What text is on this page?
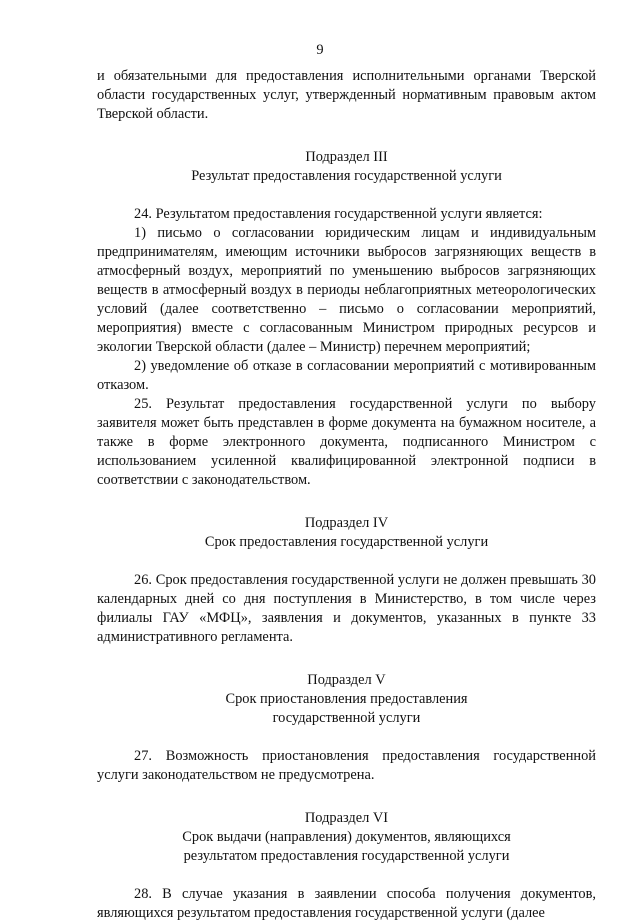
9

и обязательными для предоставления исполнительными органами Тверской области государственных услуг, утвержденный нормативным правовым актом Тверской области.

Подраздел III

Результат предоставления государственной услуги

24. Результатом предоставления государственной услуги является:

1) письмо о согласовании юридическим лицам и индивидуальным предпринимателям, имеющим источники выбросов загрязняющих веществ в атмосферный воздух, мероприятий по уменьшению выбросов загрязняющих веществ в атмосферный воздух в периоды неблагоприятных метеорологических условий (далее соответственно – письмо о согласовании мероприятий, мероприятия) вместе с согласованным Министром природных ресурсов и экологии Тверской области (далее – Министр) перечнем мероприятий;

2) уведомление об отказе в согласовании мероприятий с мотивированным отказом.

25. Результат предоставления государственной услуги по выбору заявителя может быть представлен в форме документа на бумажном носителе, а также в форме электронного документа, подписанного Министром с использованием усиленной квалифицированной электронной подписи в соответствии с законодательством.

Подраздел IV

Срок предоставления государственной услуги

26. Срок предоставления государственной услуги не должен превышать 30 календарных дней со дня поступления в Министерство, в том числе через филиалы ГАУ «МФЦ», заявления и документов, указанных в пункте 33 административного регламента.

Подраздел V

Срок приостановления предоставления

государственной услуги

27. Возможность приостановления предоставления государственной услуги законодательством не предусмотрена.

Подраздел VI

Срок выдачи (направления) документов, являющихся

результатом предоставления государственной услуги

28. В случае указания в заявлении способа получения документов, являющихся результатом предоставления государственной услуги (далее
